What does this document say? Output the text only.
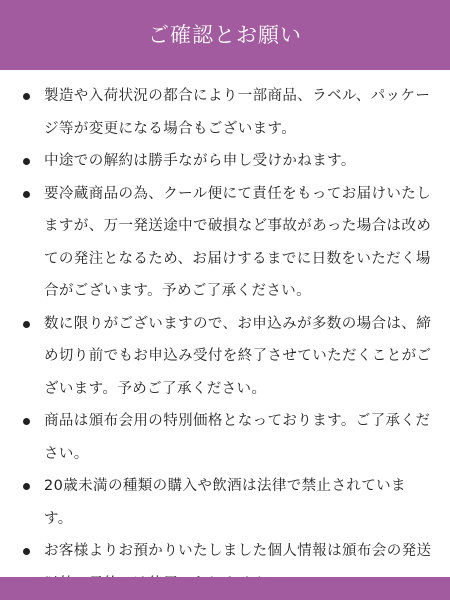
ご確認とお願い
製造や入荷状況の都合により一部商品、ラベル、パッケージ等が変更になる場合もございます。
中途での解約は勝手ながら申し受けかねます。
要冷蔵商品の為、クール便にて責任をもってお届けいたしますが、万一発送途中で破損など事故があった場合は改めての発注となるため、お届けするまでに日数をいただく場合がございます。予めご了承ください。
数に限りがございますので、お申込みが多数の場合は、締め切り前でもお申込み受付を終了させていただくことがございます。予めご了承ください。
商品は頒布会用の特別価格となっております。ご了承ください。
20歳未満の種類の購入や飲酒は法律で禁止されています。
お客様よりお預かりいたしました個人情報は頒布会の発送
